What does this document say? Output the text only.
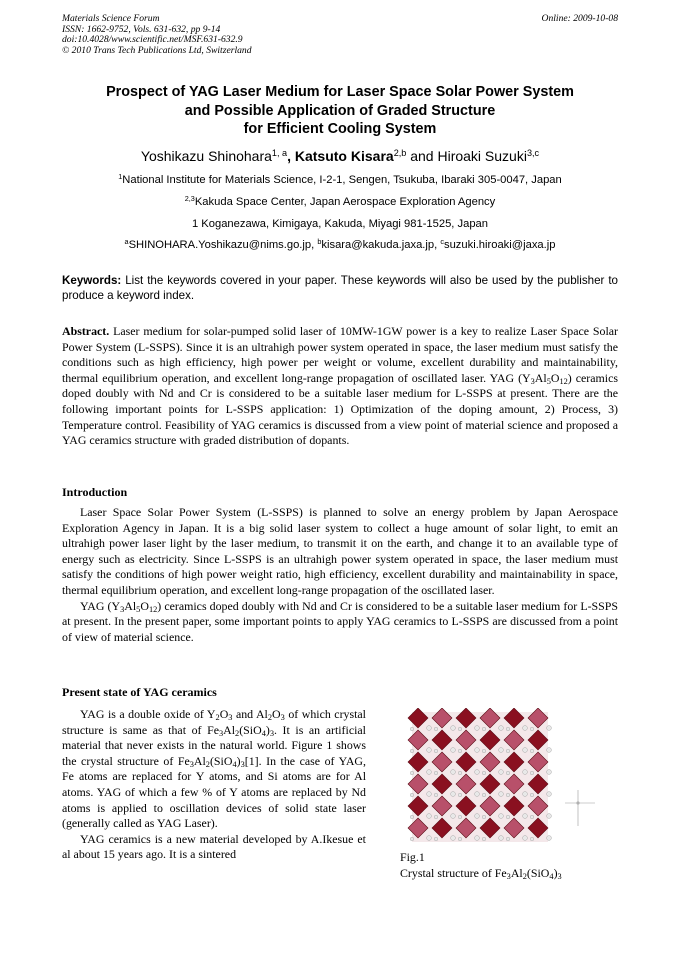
Materials Science Forum
ISSN: 1662-9752, Vols. 631-632, pp 9-14
doi:10.4028/www.scientific.net/MSF.631-632.9
© 2010 Trans Tech Publications Ltd, Switzerland
Online: 2009-10-08
Prospect of YAG Laser Medium for Laser Space Solar Power System
and Possible Application of Graded Structure
for Efficient Cooling System
Yoshikazu Shinohara$^{1, a}$, Katsuto Kisara$^{2,b}$ and Hiroaki Suzuki$^{3,c}$
$^1$National Institute for Materials Science, I-2-1, Sengen, Tsukuba, Ibaraki 305-0047, Japan
$^{2,3}$Kakuda Space Center, Japan Aerospace Exploration Agency
1 Koganezawa, Kimigaya, Kakuda, Miyagi 981-1525, Japan
$^a$SHINOHARA.Yoshikazu@nims.go.jp, $^b$kisara@kakuda.jaxa.jp, $^c$suzuki.hiroaki@jaxa.jp
Keywords: List the keywords covered in your paper. These keywords will also be used by the publisher to produce a keyword index.
Abstract. Laser medium for solar-pumped solid laser of 10MW-1GW power is a key to realize Laser Space Solar Power System (L-SSPS). Since it is an ultrahigh power system operated in space, the laser medium must satisfy the conditions such as high efficiency, high power per weight or volume, excellent durability and maintainability, thermal equilibrium operation, and excellent long-range propagation of oscillated laser. YAG $(Y_3Al_5O_{12})$ ceramics doped doubly with Nd and Cr is considered to be a suitable laser medium for L-SSPS at present. There are the following important points for L-SSPS application: 1) Optimization of the doping amount, 2) Process, 3) Temperature control. Feasibility of YAG ceramics is discussed from a view point of material science and proposed a YAG ceramics structure with graded distribution of dopants.
Introduction

Laser Space Solar Power System (L-SSPS) is planned to solve an energy problem by Japan Aerospace Exploration Agency in Japan. It is a big solid laser system to collect a huge amount of solar light, to emit an ultrahigh power laser light by the laser medium, to transmit it on the earth, and change it to an available type of energy such as electricity. Since L-SSPS is an ultrahigh power system operated in space, the laser medium must satisfy the conditions of high power weight ratio, high efficiency, excellent durability and maintainability in space, thermal equilibrium operation, and excellent long-range propagation of the oscillated laser.

YAG $(Y_3Al_5O_{12})$ ceramics doped doubly with Nd and Cr is considered to be a suitable laser medium for L-SSPS at present. In the present paper, some important points to apply YAG ceramics to L-SSPS are discussed from a point of view of material science.

Present state of YAG ceramics

YAG is a double oxide of $Y_2O_3$ and $Al_2O_3$ of which crystal structure is same as that of $Fe_3Al_2(SiO_4)_3$. It is an artificial material that never exists in the natural world. Figure 1 shows the crystal structure of $Fe_3Al_2(SiO_4)_3[1]$. In the case of YAG, Fe atoms are replaced for Y atoms, and Si atoms are for Al atoms. YAG of which a few % of Y atoms are replaced by Nd atoms is applied to oscillation devices of solid state laser (generally called as YAG Laser).

YAG ceramics is a new material developed by A.Ikesue et al about 15 years ago. It is a sintered	Fig.1
Crystal structure of $Fe_3Al_2(SiO_4)_3$
